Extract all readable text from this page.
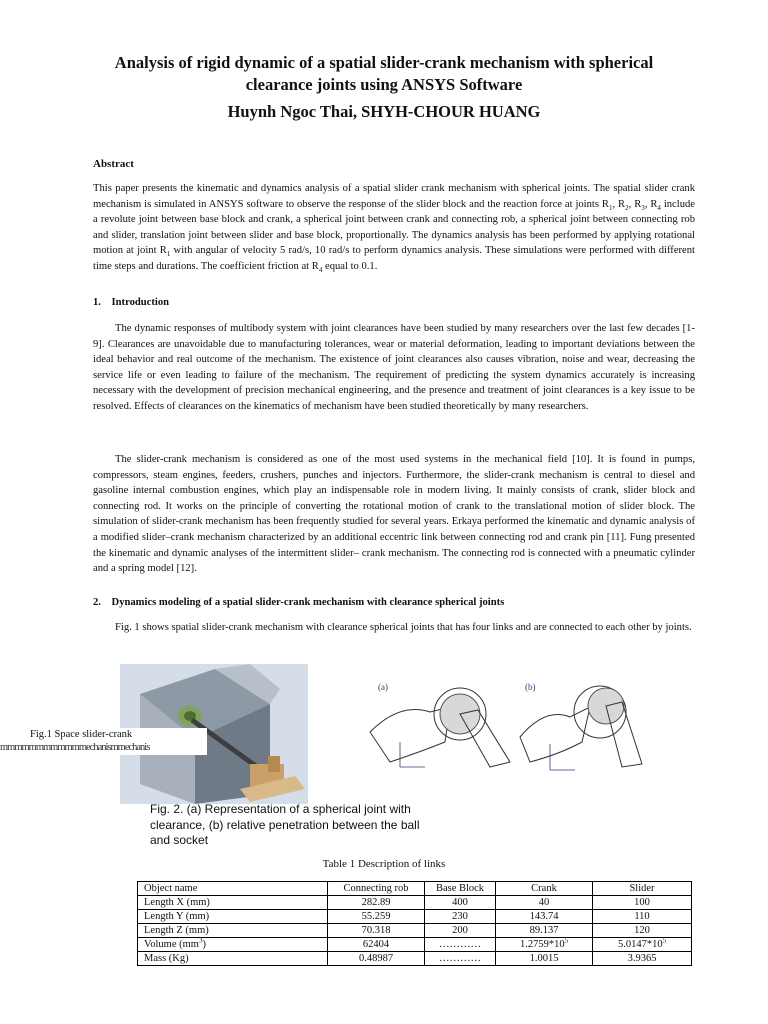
Analysis of rigid dynamic of a spatial slider-crank mechanism with spherical clearance joints using ANSYS Software
Huynh Ngoc Thai, SHYH-CHOUR HUANG
Abstract

This paper presents the kinematic and dynamics analysis of a spatial slider crank mechanism with spherical joints. The spatial slider crank mechanism is simulated in ANSYS software to observe the response of the slider block and the reaction force at joints $R_1$, $R_2$, $R_3$, $R_4$ include a revolute joint between base block and crank, a spherical joint between crank and connecting rob, a spherical joint between connecting rob and slider, translation joint between slider and base block, proportionally. The dynamics analysis has been performed by applying rotational motion at joint $R_1$ with angular of velocity 5 rad/s, 10 rad/s to perform dynamics analysis. These simulations were performed with different time steps and durations. The coefficient friction at $R_4$ equal to 0.1.

1.    Introduction

The dynamic responses of multibody system with joint clearances have been studied by many researchers over the last few decades [1-9]. Clearances are unavoidable due to manufacturing tolerances, wear or material deformation, leading to important deviations between the ideal behavior and real outcome of the mechanism. The existence of joint clearances also causes vibration, noise and wear, decreasing the service life or even leading to failure of the mechanism. The requirement of predicting the system dynamics accurately is increasing necessary with the development of precision mechanical engineering, and the presence and treatment of joint clearances is a key issue to be resolved. Effects of clearances on the kinematics of mechanism have been studied theoretically by many researchers.

The slider-crank mechanism is considered as one of the most used systems in the mechanical field [10]. It is found in pumps, compressors, steam engines, feeders, crushers, punches and injectors. Furthermore, the slider-crank mechanism is central to diesel and gasoline internal combustion engines, which play an indispensable role in modern living. It mainly consists of crank, slider block and connecting rod. It works on the principle of converting the rotational motion of crank to the translational motion of slider block. The simulation of slider-crank mechanism has been frequently studied for several years. Erkaya performed the kinematic and dynamic analysis of a modified slider–crank mechanism characterized by an additional eccentric link between connecting rod and crank pin [11]. Fung presented the kinematic and dynamic analyses of the intermittent slider– crank mechanism. The connecting rod is connected with a pneumatic cylinder and a spring model [12].

2.    Dynamics modeling of a spatial slider-crank mechanism with clearance spherical joints

Fig. 1 shows spatial slider-crank mechanism with clearance spherical joints that has four links and are connected to each other by joints.

Fig.1 Space slider-crank
mmmmmmmmmmmmechanismmechanis
(a)	(b)
Fig. 2. (a) Representation of a spherical joint with clearance, (b) relative penetration between the ball and socket
Table 1 Description of links
Object name	Connecting rob	Base Block	Crank	Slider
Length X (mm)	282.89	400	40	100
Length Y (mm)	55.259	230	143.74	110
Length Z (mm)	70.318	200	89.137	120
Volume $(mm^3)$	62404	…………	$1.2759*10^5$	$5.0147*10^5$
Mass (Kg)	0.48987	…………	1.0015	3.9365
